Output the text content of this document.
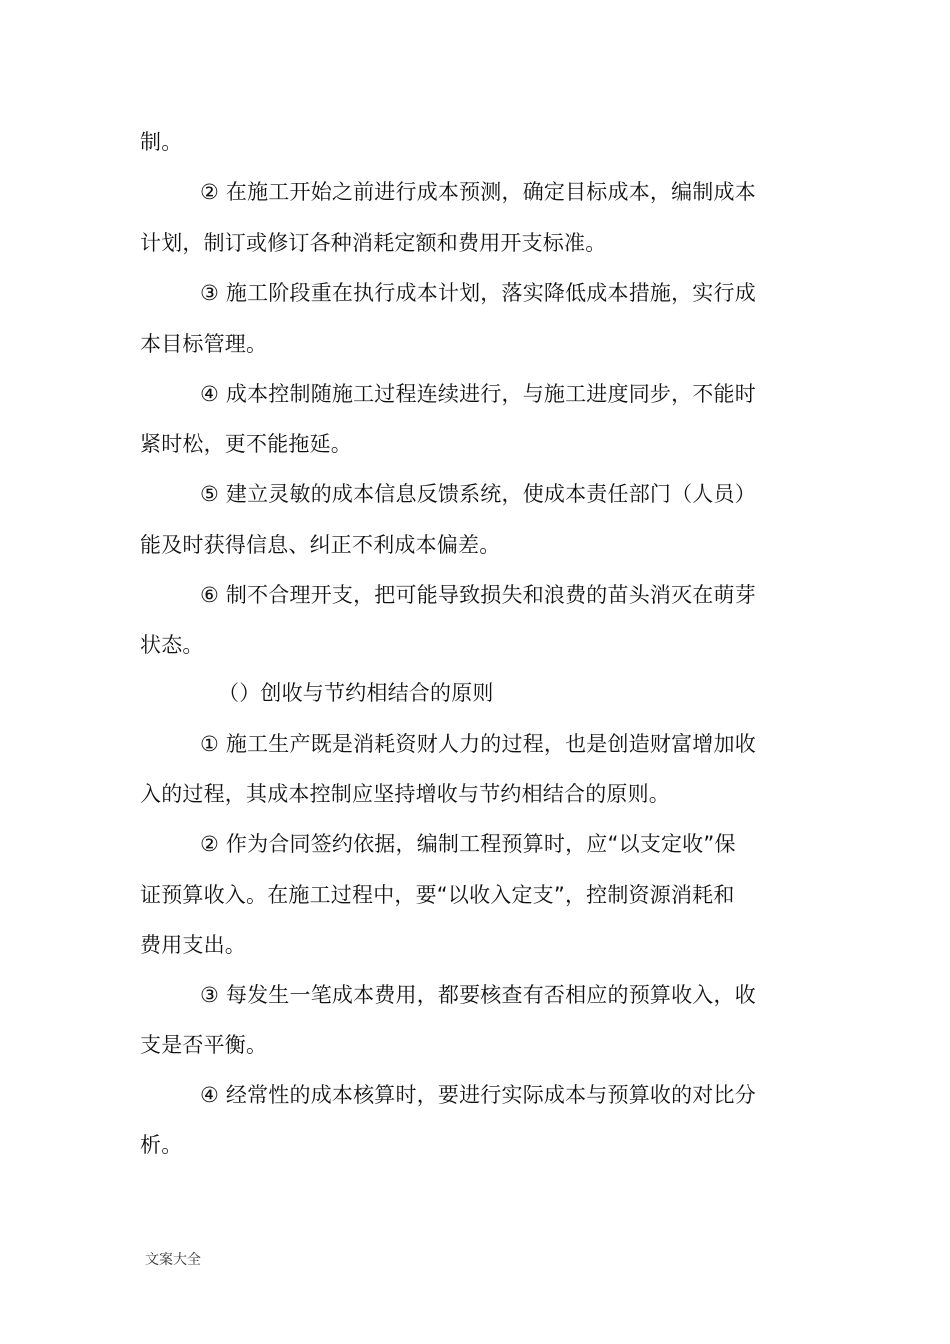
制。
② 在施工开始之前进行成本预测，确定目标成本，编制成本
计划，制订或修订各种消耗定额和费用开支标准。
③ 施工阶段重在执行成本计划，落实降低成本措施，实行成
本目标管理。
④ 成本控制随施工过程连续进行，与施工进度同步，不能时
紧时松，更不能拖延。
⑤ 建立灵敏的成本信息反馈系统，使成本责任部门（人员）
能及时获得信息、纠正不利成本偏差。
⑥ 制不合理开支，把可能导致损失和浪费的苗头消灭在萌芽
状态。
（）创收与节约相结合的原则
① 施工生产既是消耗资财人力的过程，也是创造财富增加收
入的过程，其成本控制应坚持增收与节约相结合的原则。
② 作为合同签约依据，编制工程预算时，应“以支定收”保
证预算收入。在施工过程中，要“以收入定支”，控制资源消耗和
费用支出。
③ 每发生一笔成本费用，都要核查有否相应的预算收入，收
支是否平衡。
④ 经常性的成本核算时，要进行实际成本与预算收的对比分
析。
文案大全
